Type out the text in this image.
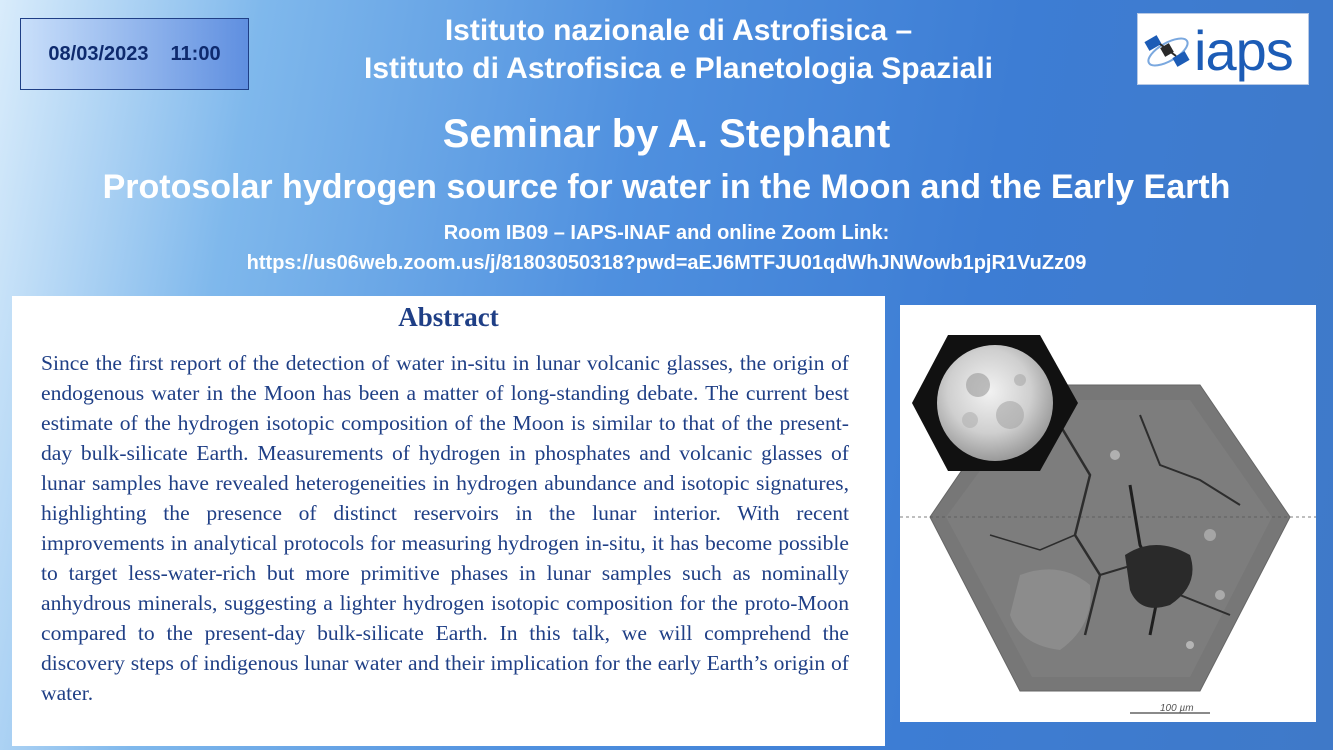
08/03/2023 11:00
Istituto nazionale di Astrofisica –
Istituto di Astrofisica e Planetologia Spaziali
Seminar by A. Stephant
Protosolar hydrogen source for water in the Moon and the Early Earth
Room IB09 – IAPS-INAF and online Zoom Link:
https://us06web.zoom.us/j/81803050318?pwd=aEJ6MTFJU01qdWhJNWowb1pjR1VuZz09
iaps
Abstract
Since the first report of the detection of water in-situ in lunar volcanic glasses, the origin of endogenous water in the Moon has been a matter of long-standing debate. The current best estimate of the hydrogen isotopic composition of the Moon is similar to that of the present-day bulk-silicate Earth. Measurements of hydrogen in phosphates and volcanic glasses of lunar samples have revealed heterogeneities in hydrogen abundance and isotopic signatures, highlighting the presence of distinct reservoirs in the lunar interior. With recent improvements in analytical protocols for measuring hydrogen in-situ, it has become possible to target less-water-rich but more primitive phases in lunar samples such as nominally anhydrous minerals, suggesting a lighter hydrogen isotopic composition for the proto-Moon compared to the present-day bulk-silicate Earth. In this talk, we will comprehend the discovery steps of indigenous lunar water and their implication for the early Earth’s origin of water.
100 µm
